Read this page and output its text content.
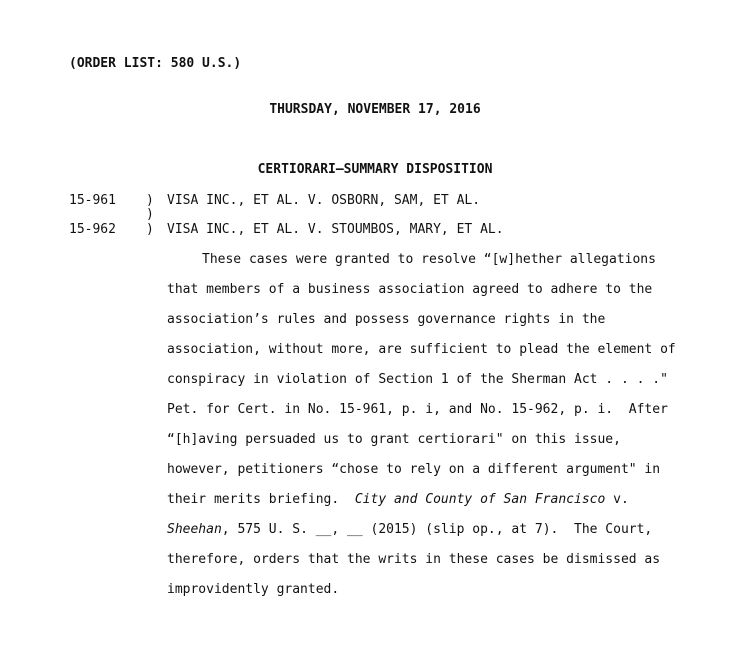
(ORDER LIST: 580 U.S.)
THURSDAY, NOVEMBER 17, 2016
CERTIORARI–SUMMARY DISPOSITION
15-961 ) VISA INC., ET AL. V. OSBORN, SAM, ET AL.
)
15-962 ) VISA INC., ET AL. V. STOUMBOS, MARY, ET AL.
These cases were granted to resolve “[w]hether allegations
that members of a business association agreed to adhere to the
association’s rules and possess governance rights in the
association, without more, are sufficient to plead the element of
conspiracy in violation of Section 1 of the Sherman Act . . . ."
Pet. for Cert. in No. 15-961, p. i, and No. 15-962, p. i.  After
“[h]aving persuaded us to grant certiorari" on this issue,
however, petitioners “chose to rely on a different argument" in
their merits briefing.  City and County of San Francisco v.
Sheehan, 575 U. S. __, __ (2015) (slip op., at 7).  The Court,
therefore, orders that the writs in these cases be dismissed as
improvidently granted.
